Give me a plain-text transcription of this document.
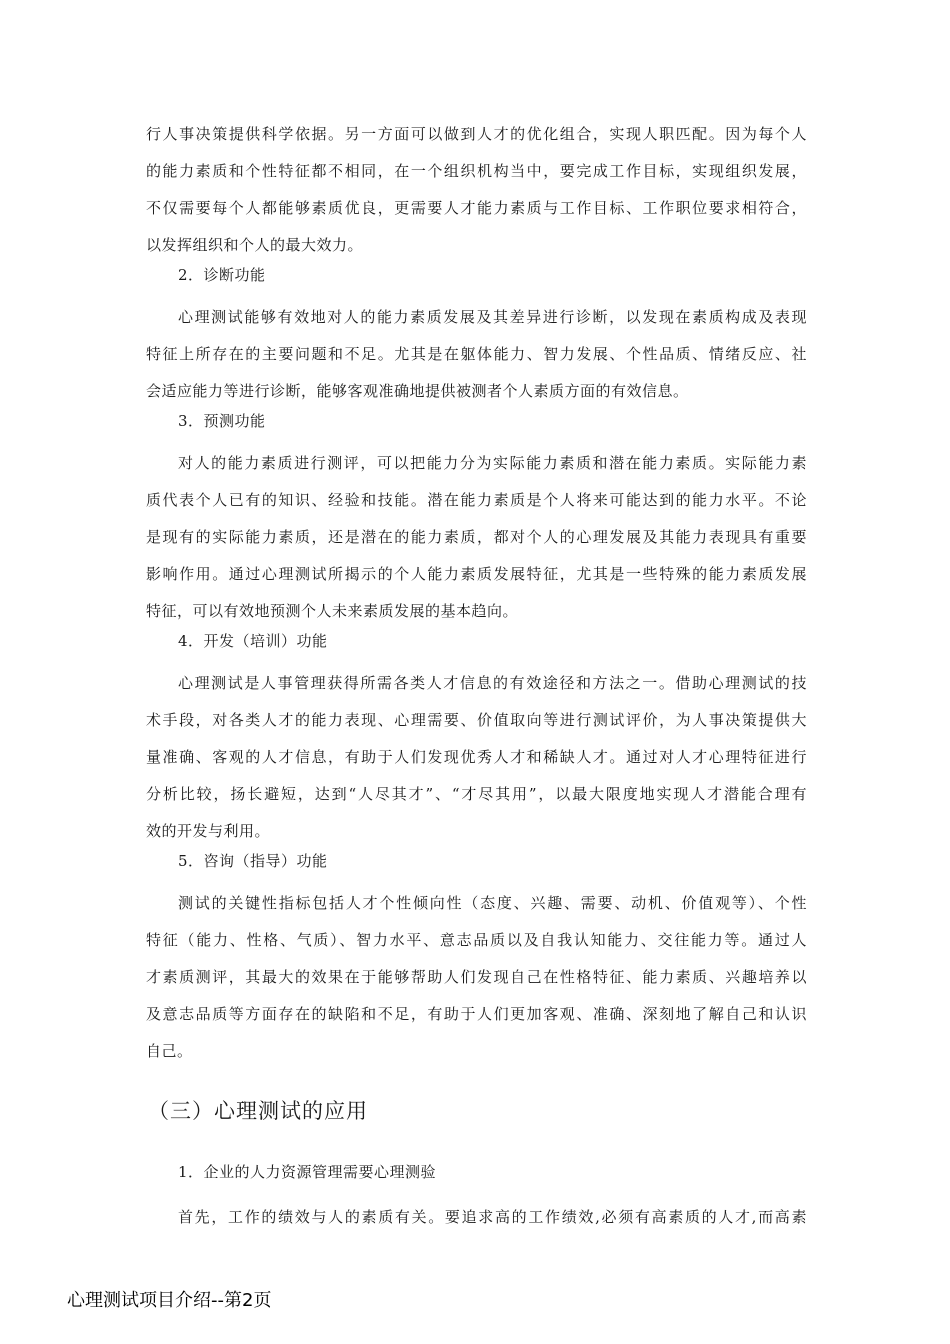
行人事决策提供科学依据。另一方面可以做到人才的优化组合，实现人职匹配。因为每个人
的能力素质和个性特征都不相同，在一个组织机构当中，要完成工作目标，实现组织发展，
不仅需要每个人都能够素质优良，更需要人才能力素质与工作目标、工作职位要求相符合，
以发挥组织和个人的最大效力。
2．诊断功能
心理测试能够有效地对人的能力素质发展及其差异进行诊断，以发现在素质构成及表现
特征上所存在的主要问题和不足。尤其是在躯体能力、智力发展、个性品质、情绪反应、社
会适应能力等进行诊断，能够客观准确地提供被测者个人素质方面的有效信息。
3．预测功能
对人的能力素质进行测评，可以把能力分为实际能力素质和潜在能力素质。实际能力素
质代表个人已有的知识、经验和技能。潜在能力素质是个人将来可能达到的能力水平。不论
是现有的实际能力素质，还是潜在的能力素质，都对个人的心理发展及其能力表现具有重要
影响作用。通过心理测试所揭示的个人能力素质发展特征，尤其是一些特殊的能力素质发展
特征，可以有效地预测个人未来素质发展的基本趋向。
4．开发（培训）功能
心理测试是人事管理获得所需各类人才信息的有效途径和方法之一。借助心理测试的技
术手段，对各类人才的能力表现、心理需要、价值取向等进行测试评价，为人事决策提供大
量准确、客观的人才信息，有助于人们发现优秀人才和稀缺人才。通过对人才心理特征进行
分析比较，扬长避短，达到“人尽其才”、“才尽其用”，以最大限度地实现人才潜能合理有
效的开发与利用。
5．咨询（指导）功能
测试的关键性指标包括人才个性倾向性（态度、兴趣、需要、动机、价值观等）、个性
特征（能力、性格、气质）、智力水平、意志品质以及自我认知能力、交往能力等。通过人
才素质测评，其最大的效果在于能够帮助人们发现自己在性格特征、能力素质、兴趣培养以
及意志品质等方面存在的缺陷和不足，有助于人们更加客观、准确、深刻地了解自己和认识
自己。
（三）心理测试的应用
1．企业的人力资源管理需要心理测验
首先，工作的绩效与人的素质有关。要追求高的工作绩效,必须有高素质的人才,而高素
心理测试项目介绍--第2页
